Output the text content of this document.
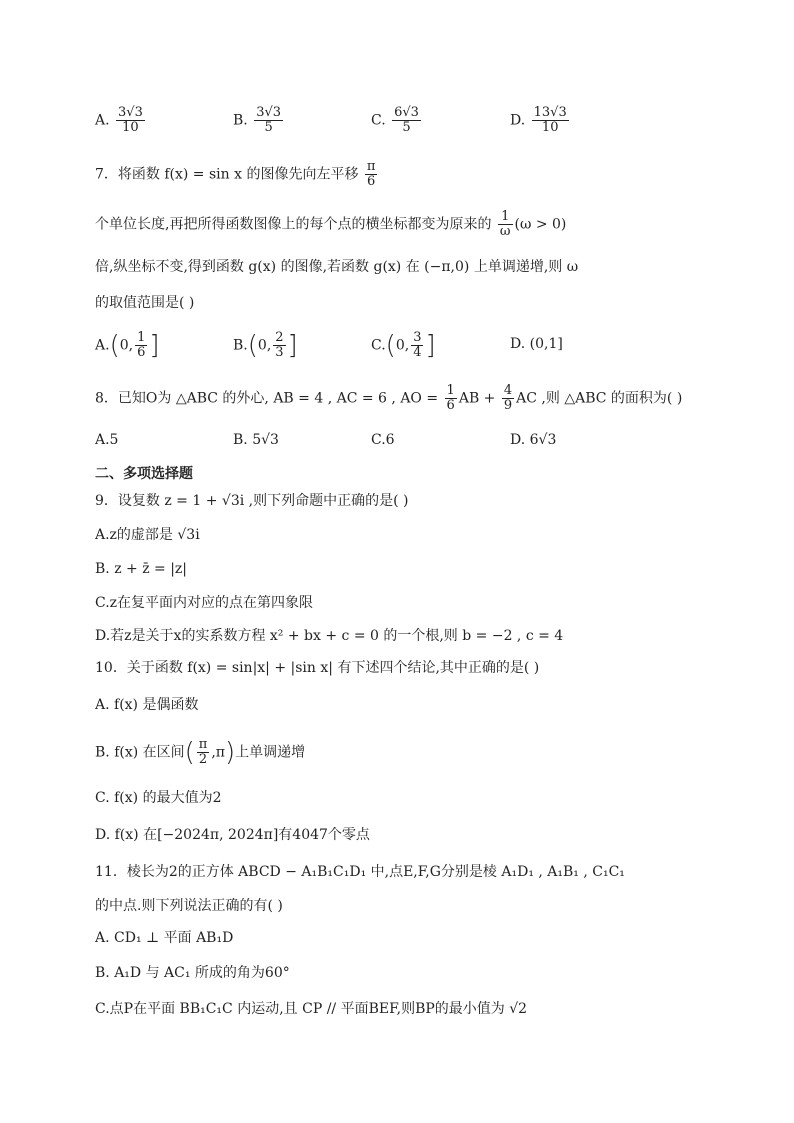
A. $\frac{3√3}{10}$	B. $\frac{3√3}{5}$	C. $\frac{6√3}{5}$	D. $\frac{13√3}{10}$
7．将函数 f(x) = sin x 的图像先向左平移 $\frac{\pi}{6}$
个单位长度,再把所得函数图像上的每个点的横坐标都变为原来的 $\frac{1}{\omega} (\omega > 0)$
倍,纵坐标不变,得到函数 g(x) 的图像,若函数 g(x) 在 (−π,0) 上单调递增,则 ω
的取值范围是( )
A.(0, $\frac{1}{6}$ ]	B.(0, $\frac{2}{3}$ ]	C.(0, $\frac{3}{4}$ ]	D. (0,1]
8．已知O为 △ABC 的外心, AB = 4 , AC = 6 , AO = $\frac{1}{6}$ AB + $\frac{4}{9}$ AC ,则 △ABC 的面积为( )
A.5	B. 5√3	C.6	D. 6√3
二、多项选择题
9．设复数 z = 1 + √3i ,则下列命题中正确的是( )
A.z的虚部是 √3i
B. z + z̄ = |z|
C.z在复平面内对应的点在第四象限
D.若z是关于x的实系数方程 x² + bx + c = 0 的一个根,则 b = −2 , c = 4
10．关于函数 f(x) = sin|x| + |sin x| 有下述四个结论,其中正确的是( )
A. f(x) 是偶函数
B. f(x) 在区间( $\frac{\pi}{2} ,\pi$)上单调递增
C. f(x) 的最大值为2
D. f(x) 在[−2024π, 2024π]有4047个零点
11．棱长为2的正方体 ABCD − A₁B₁C₁D₁ 中,点E,F,G分别是棱 A₁D₁ , A₁B₁ , C₁C₁
的中点.则下列说法正确的有( )
A. CD₁ ⊥ 平面 AB₁D
B. A₁D 与 AC₁ 所成的角为60°
C.点P在平面 BB₁C₁C 内运动,且 CP // 平面BEF,则BP的最小值为 √2
